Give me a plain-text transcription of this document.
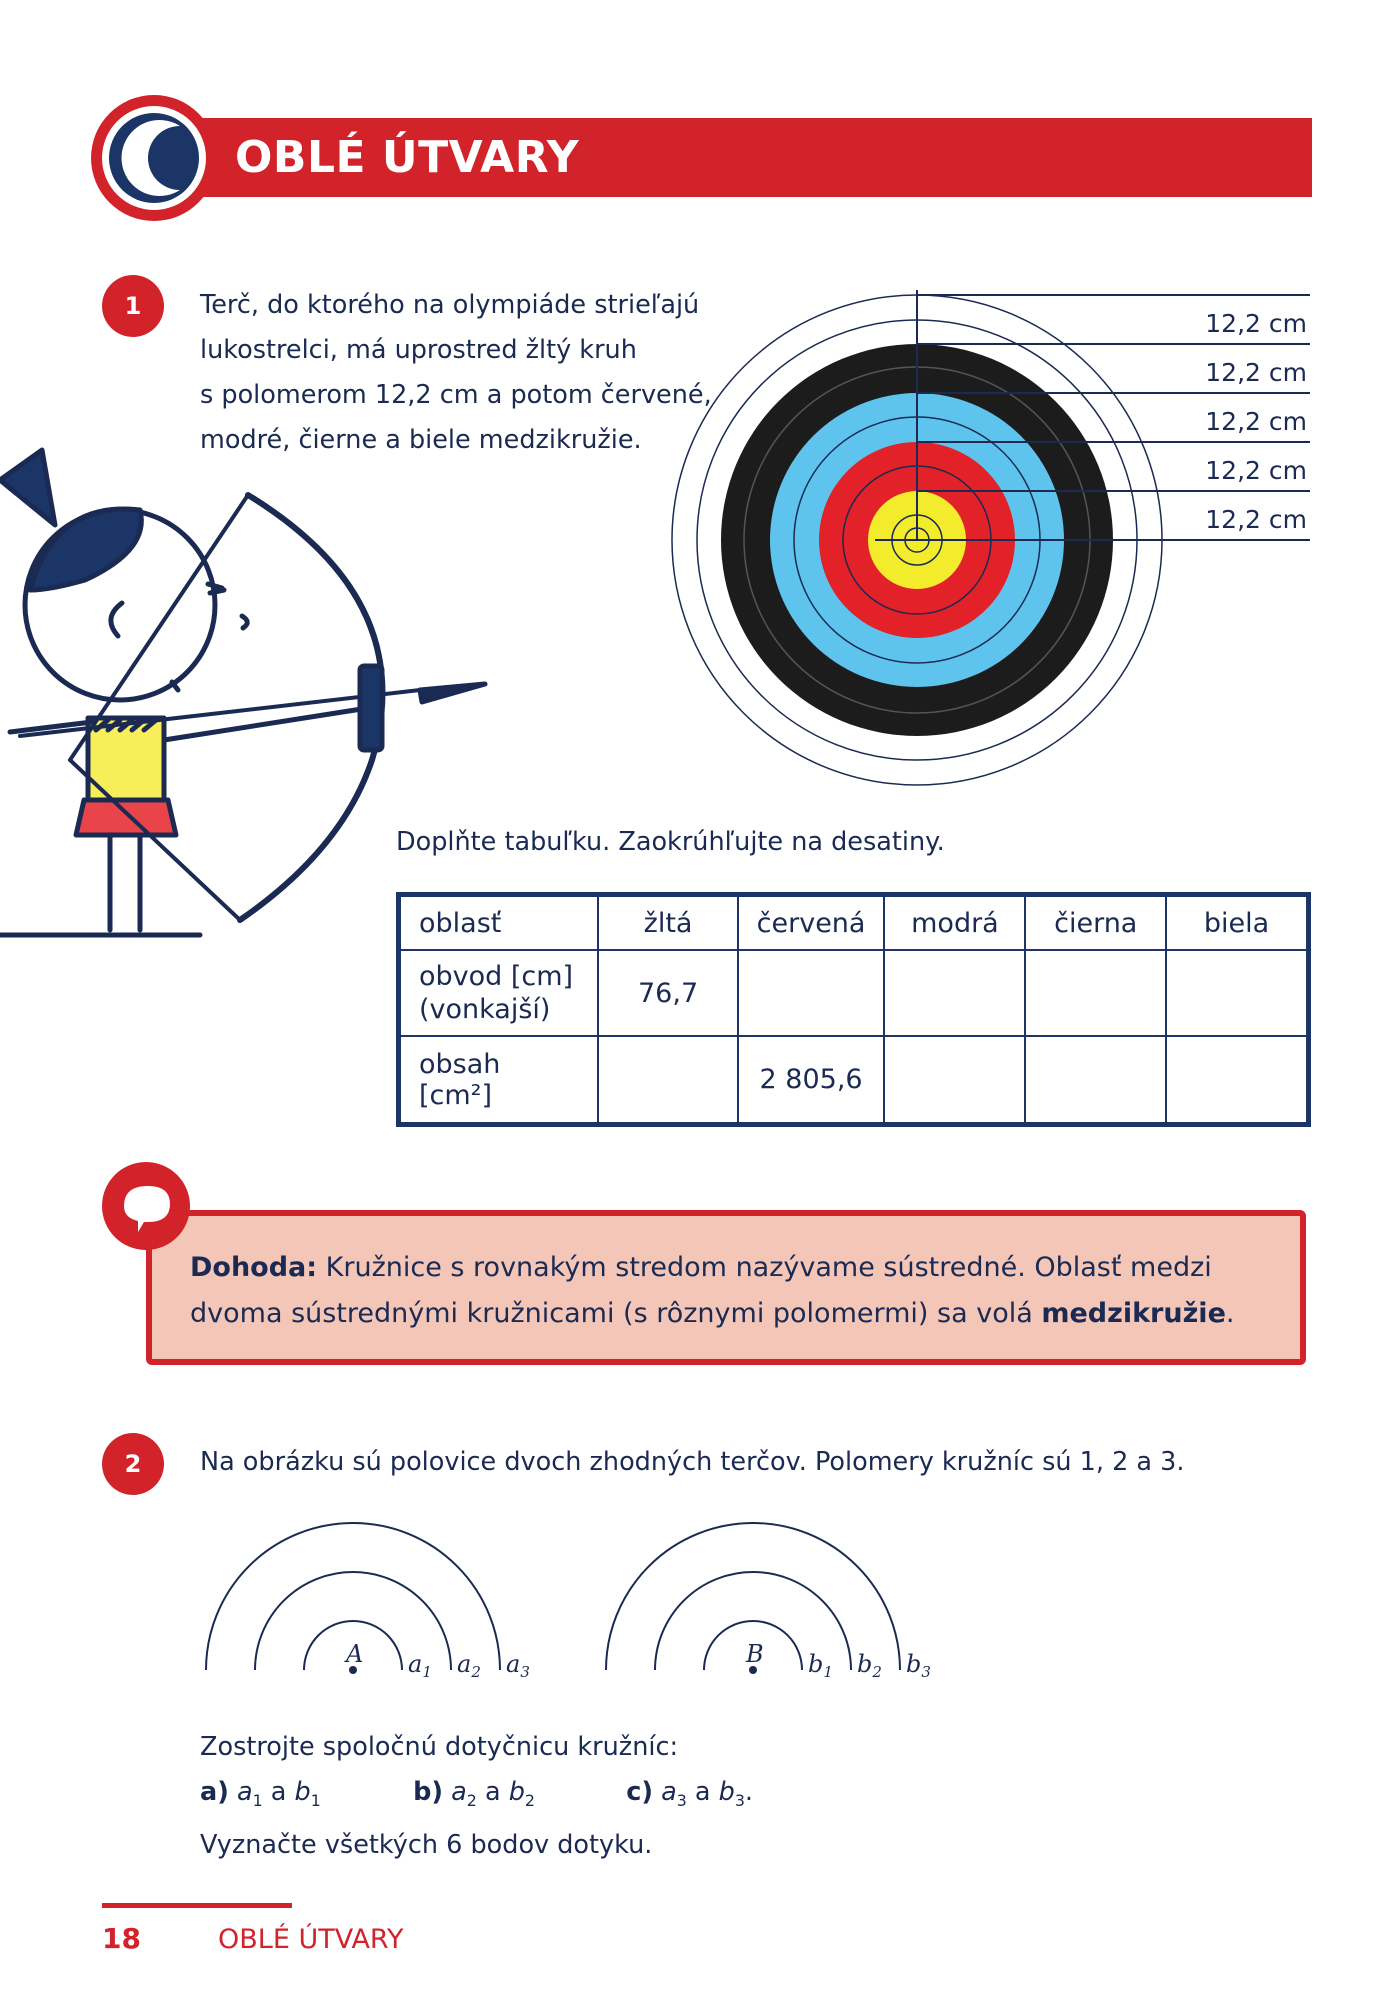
OBLÉ ÚTVARY
1	Terč, do ktorého na olympiáde strieľajú
lukostrelci, má uprostred žltý kruh
s polomerom 12,2 cm a potom červené,
modré, čierne a biele medzikružie.
12,2 cm
12,2 cm
12,2 cm
12,2 cm
12,2 cm
Doplňte tabuľku. Zaokrúhľujte na desatiny.
oblasť	žltá	červená	modrá	čierna	biela

obvod [cm]
(vonkajší)	76,7				
obsah [cm²]		2 805,6			
Dohoda: Kružnice s rovnakým stredom nazývame sústredné. Oblasť medzi
dvoma sústrednými kružnicami (s rôznymi polomermi) sa volá medzikružie.
2	Na obrázku sú polovice dvoch zhodných terčov. Polomery kružníc sú 1, 2 a 3.
A	B
$a_1$ $a_2$ $a_3$	$b_1$ $b_2$ $b_3$
Zostrojte spoločnú dotyčnicu kružníc:
a) $a_1$ a $b_1$	b) $a_2$ a $b_2$	c) $a_3$ a $b_3$.
Vyznačte všetkých 6 bodov dotyku.
18	OBLÉ ÚTVARY
